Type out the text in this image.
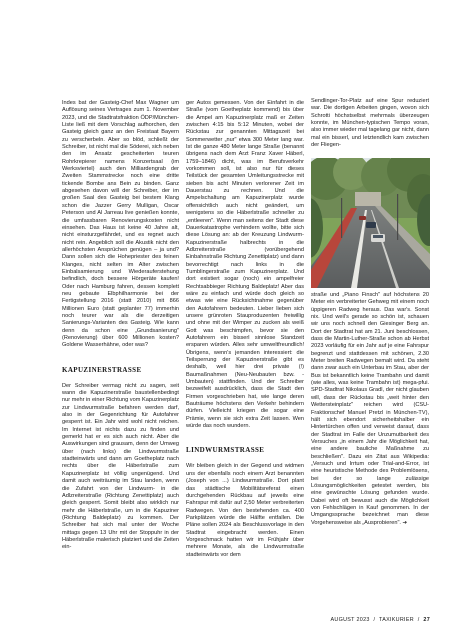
Indes bat der Gasteig-Chef Max Wagner um Auflösung seines Vertrages zum 1. November 2023, und die Stadtratsfraktion ÖDP/München-Liste ließ mit dem Vorschlag aufhorchen, den Gasteig gleich ganz an den Freistaat Bayern zu verscherbeln. Aber so blöd, schließt der Schreiber, ist nicht mal die Söderei, sich neben den im Ansatz gescheiterten teuren Rohrkrepierer namens Konzertsaal (im Werksviertel) auch den Milliardengrab der Zweiten Stammstrecke noch eine dritte tickende Bombe ans Bein zu binden. Ganz abgesehen davon will der Schreiber, der im großen Saal des Gasteig bei bestem Klang schon die Jazzer Gerry Mulligan, Oscar Peterson und Al Jarreau live genießen konnte, die umfassbaren Renovierungskosten nicht einsehen. Das Haus ist keine 40 Jahre alt, nicht einsturzgefährdet, und es regnet auch nicht rein. Angeblich soll die Akustik nicht den allerhöchsten Ansprüchen genügen – ja und? Dann sollen sich die Hohepriester des feinen Klanges, nicht selten im Alter zwischen Einbalsamierung und Wiederauferstehung befindlich, doch bessere Hörgeräte kaufen! Oder nach Hamburg fahren, dessen komplett neu gebaute Elbphilharmonie bei der Fertigstellung 2016 (statt 2010) mit 866 Millionen Euro (statt geplanter 77) immerhin noch teurer war als die derzeitigen Sanierungs-Varianten des Gasteig. Wie kann denn da schon eine „Grundsanierung" (Renovierung) über 600 Millionen kosten? Goldene Wasserhähne, oder was?

KAPUZINERSTRASSE

Der Schreiber vermag nicht zu sagen, seit wann die Kapuzinerstraße baustellenbedingt nur mehr in einer Richtung vom Kapuzinerplatz zur Lindwurmstraße befahren werden darf, also in der Gegenrichtung für Autofahrer gesperrt ist. Ein Jahr wird wohl nicht reichen. Im Internet ist nichts dazu zu finden und gemerkt hat er es sich auch nicht. Aber die Auswirkungen sind grausam, denn der Umweg über (nach links) die Lindwurmstraße stadteinwärts und dann am Goetheplatz nach rechts über die Häberlstraße zum Kapuzinerplatz ist völlig ungenügend. Und damit auch weiträumig im Stau landen, wenn die Zufahrt von der Lindwurm- in die Adlzreiterstraße (Richtung Zenettiplatz) auch gleich gesperrt. Somit bleibt also wirklich nur mehr die Häberlstraße, um in die Kapuziner (Richtung Baldeplatz) zu kommen. Der Schreiber hat sich mal unter der Woche mittags gegen 13 Uhr mit der Stoppuhr in der Häberlstraße malerisch platziert und die Zeiten ein-

ger Autos gemessen. Von der Einfahrt in die Straße (vom Goetheplatz kommend) bis über die Ampel am Kapuzinerplatz maß er Zeiten zwischen 4:15 bis 5:12 Minuten, wobei der Rückstau zur genannten Mittagszeit bei Sommerwetter „nur" etwa 300 Meter lang war. Ist die ganze 480 Meter lange Straße (benannt übrigens nach dem Arzt Franz Xaver Häberl, 1759–1846) dicht, was im Berufsverkehr vorkommen soll, ist also nur für dieses Teilstück der gesamten Umleitungsstrecke mit sieben bis acht Minuten verlorener Zeit im Dauerstau zu rechnen. Und die Ampelschaltung am Kapuzinerplatz wurde offensichtlich auch nicht geändert, um wenigstens so die Häberlstraße schneller zu „entleeren". Wenn man seitens der Stadt diese Dauerkatastrophe verhindern wollte, bitte sich diese Lösung an: ab der Kreuzung Lindwurm-Kapuzinerstraße halbrechts in die Adlzreiterstraße (vorübergehend Einbahnstraße Richtung Zenettiplatz) und dann bevorrechtigt nach links in die Tumblingerstraße zum Kapuzinerplatz. Und dort existiert sogar (noch) ein ampelfreier Rechtsabbieger Richtung Baldeplatz! Aber das wäre zu einfach und würde doch gleich so etwas wie eine Rücksichtnahme gegenüber den Autofahrern bedeuten. Lieber lieben sich unsere grünroten Stauproduzenten freiwillig und ohne mit der Wimper zu zucken als weiß Gott was beschimpfen, bevor sie den Autofahrern ein bisserl sinnlose Standzeit ersparen würden. Alles sehr umweltfreundlich! Übrigens, wenn's jemanden interessiert: die Teilsperrung der Kapuzinerstraße gibt es deshalb, weil hier drei private (!) Baumaßnahmen (Neu-Neubauten bzw. -Umbauten) stattfinden. Und der Schreiber bezweifelt ausdrücklich, dass die Stadt den Firmen vorgeschrieben hat, wie lange deren Bauträume höchstens den Verkehr behindern dürfen. Vielleicht kriegen die sogar eine Prämie, wenn sie sich extra Zeit lassen. Wen würde das noch wundern.

LINDWURMSTRASSE

Wir bleiben gleich in der Gegend und widmen uns der ebenfalls noch einem Arzt benannten (Joseph von ...) Lindwurmstraße. Dort plant das städtische Mobilitätsreferat einen durchgehenden Rückbau auf jeweils eine Fahrspur mit dafür auf 2,50 Meter verbreiterten Radwegen. Von den bestehenden ca. 400 Parkplätzen würde die Hälfte entfallen. Die Pläne sollen 2024 als Beschlussvorlage in den Stadtrat eingebracht werden. Einen Vorgeschmack hatten wir im Frühjahr über mehrere Monate, als die Lindwurmstraße stadteinwärts vor dem

Sendlinger-Tor-Platz auf eine Spur reduziert war. Die dortigen Arbeiten gingen, wovon sich Schrotti höchstselbst mehrmals überzeugen konnte, im München-typischen Tempo voran, also immer wieder mal tagelang gar nicht, dann mal ein bisserl, und letztendlich kam zwischen der Fliegen-

straße und „Piano Finsch" auf höchstens 20 Meter ein verbreiterter Gehweg mit einem noch üppigeren Radweg heraus. Das war's. Sonst nix. Und weil's gerade so schön ist, schauen wir uns noch schnell den Giesinger Berg an. Dort der Stadtrat hat am 21. Juni beschlossen, dass die Martin-Luther-Straße schon ab Herbst 2023 vorläufig für ein Jahr auf je eine Fahrspur begrenzt und stattdessen mit schönen, 2.30 Meter breiten Radwegen bemalt wird. Da steht dann zwar auch ein Unterbau im Stau, aber der Bus ist bekanntlich keine Trambahn und damit (wie alles, was keine Trambahn ist) mega-pfui. SPD-Stadtrat Nikolaus Gradl, der nicht glauben will, dass der Rückstau bis „weit hinter den Wettersteinplatz" reichen wird (CSU-Fraktionschef Manuel Pretzl in München-TV), hält sich ebendort sicherheitshalber ein Hintertürchen offen und verweist darauf, dass der Stadtrat im Falle der Unzumutbarkeit des Versuches „in einem Jahr die Möglichkeit hat, eine andere bauliche Maßnahme zu beschließen". Dazu ein Zitat aus Wikipedia: „Versuch und Irrtum oder Trial-and-Error, ist eine heuristische Methode des Problemlösens, bei der so lange zulässige Lösungsmöglichkeiten getestet werden, bis eine gewünschte Lösung gefunden wurde. Dabei wird oft bewusst auch die Möglichkeit von Fehlschlägen in Kauf genommen. In der Umgangssprache bezeichnet man diese Vorgehensweise als „Ausprobieren". ➔

AUGUST 2023 / TAXIKURIER / 27
